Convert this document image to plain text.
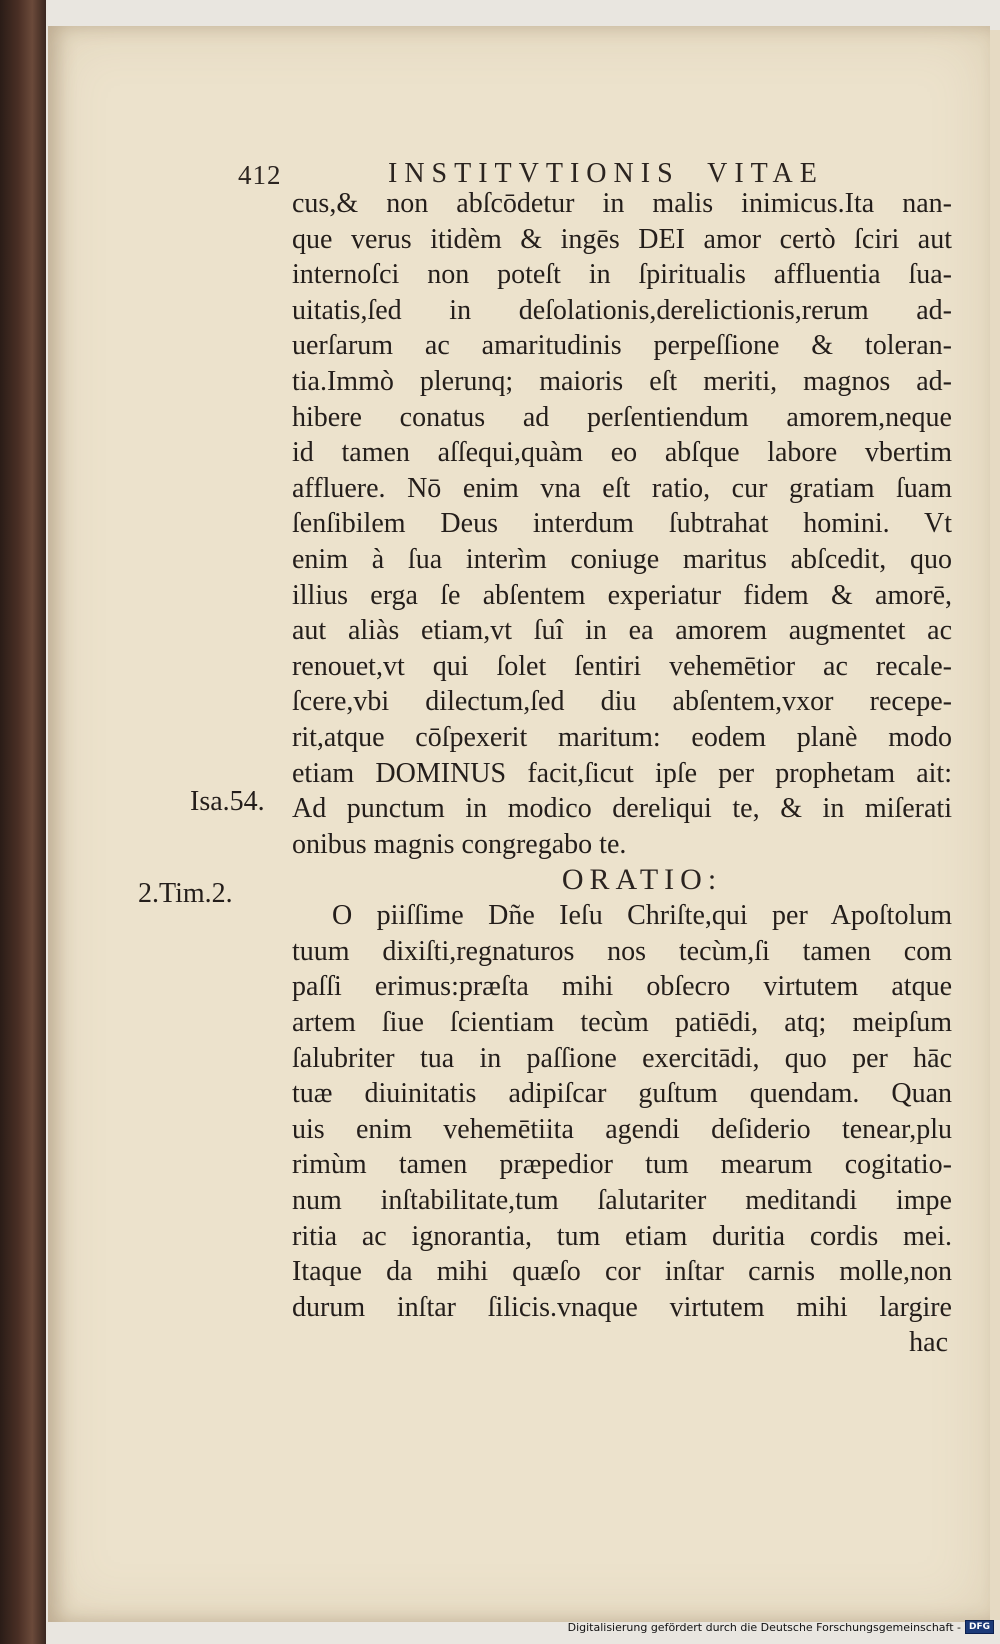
412	INSTITVTIONIS  VITAE
cus,& non abſcōdetur in malis inimicus.Ita nan-
que verus itidèm & ingēs DEI amor certò ſciri aut
internoſci non poteſt in ſpiritualis affluentia ſua-
uitatis,ſed in deſolationis,derelictionis,rerum ad-
uerſarum ac amaritudinis perpeſſione & toleran-
tia.Immò plerunq; maioris eſt meriti, magnos ad-
hibere conatus ad perſentiendum amorem,neque
id tamen aſſequi,quàm eo abſque labore vbertim
affluere. Nō enim vna eſt ratio, cur gratiam ſuam
ſenſibilem Deus interdum ſubtrahat homini. Vt
enim à ſua interìm coniuge maritus abſcedit, quo
illius erga ſe abſentem experiatur fidem & amorē,
aut aliàs etiam,vt ſuî in ea amorem augmentet ac
renouet,vt qui ſolet ſentiri vehemētior ac recale-
ſcere,vbi dilectum,ſed diu abſentem,vxor recepe-
rit,atque cōſpexerit maritum: eodem planè modo
etiam DOMINUS facit,ſicut ipſe per prophetam ait:
Ad punctum in modico dereliqui te, & in miſerati
onibus magnis congregabo te.
ORATIO:
O piiſſime Dñe Ieſu Chriſte,qui per Apoſtolum
tuum dixiſti,regnaturos nos tecùm,ſi tamen com
paſſi erimus:præſta mihi obſecro virtutem atque
artem ſiue ſcientiam tecùm patiēdi, atq; meipſum
ſalubriter tua in paſſione exercitādi, quo per hāc
tuæ diuinitatis adipiſcar guſtum quendam. Quan
uis enim vehemētiita agendi deſiderio tenear,plu
rimùm tamen præpedior tum mearum cogitatio-
num inſtabilitate,tum ſalutariter meditandi impe
ritia ac ignorantia, tum etiam duritia cordis mei.
Itaque da mihi quæſo cor inſtar carnis molle,non
durum inſtar ſilicis.vnaque virtutem mihi largire
hac
Isa.54.
2.Tim.2.
Digitalisierung gefördert durch die Deutsche Forschungsgemeinschaft - DFG
